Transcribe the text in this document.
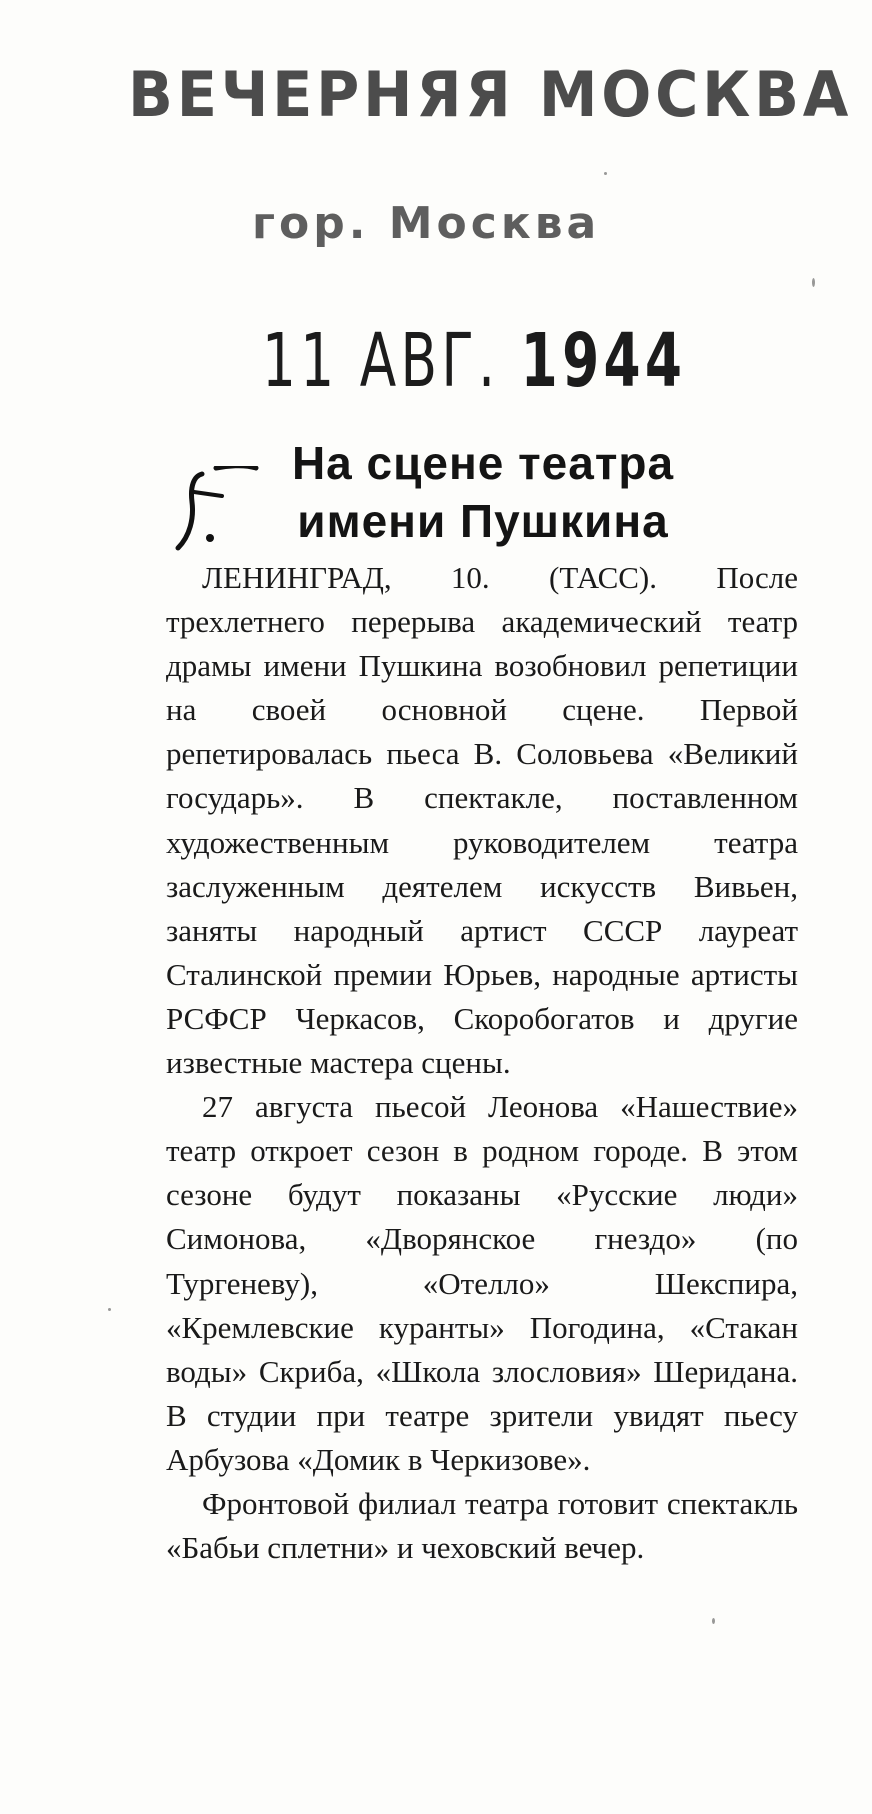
ВЕЧЕРНЯЯ МОСКВА
гор. Москва
11 АВГ. 1944
На сцене театра
имени Пушкина

ЛЕНИНГРАД, 10. (ТАСС). После трехлетнего перерыва академический театр драмы имени Пушкина возобновил репетиции на своей основной сцене. Первой репетировалась пьеса В. Соловьева «Великий государь». В спектакле, поставленном художественным руководителем театра заслуженным деятелем искусств Вивьен, заняты народный артист СССР лауреат Сталинской премии Юрьев, народные артисты РСФСР Черкасов, Скоробогатов и другие известные мастера сцены.

27 августа пьесой Леонова «Нашествие» театр откроет сезон в родном городе. В этом сезоне будут показаны «Русские люди» Симонова, «Дворянское гнездо» (по Тургеневу), «Отелло» Шекспира, «Кремлевские куранты» Погодина, «Стакан воды» Скриба, «Школа злословия» Шеридана. В студии при театре зрители увидят пьесу Арбузова «Домик в Черкизове».

Фронтовой филиал театра готовит спектакль «Бабьи сплетни» и чеховский вечер.
